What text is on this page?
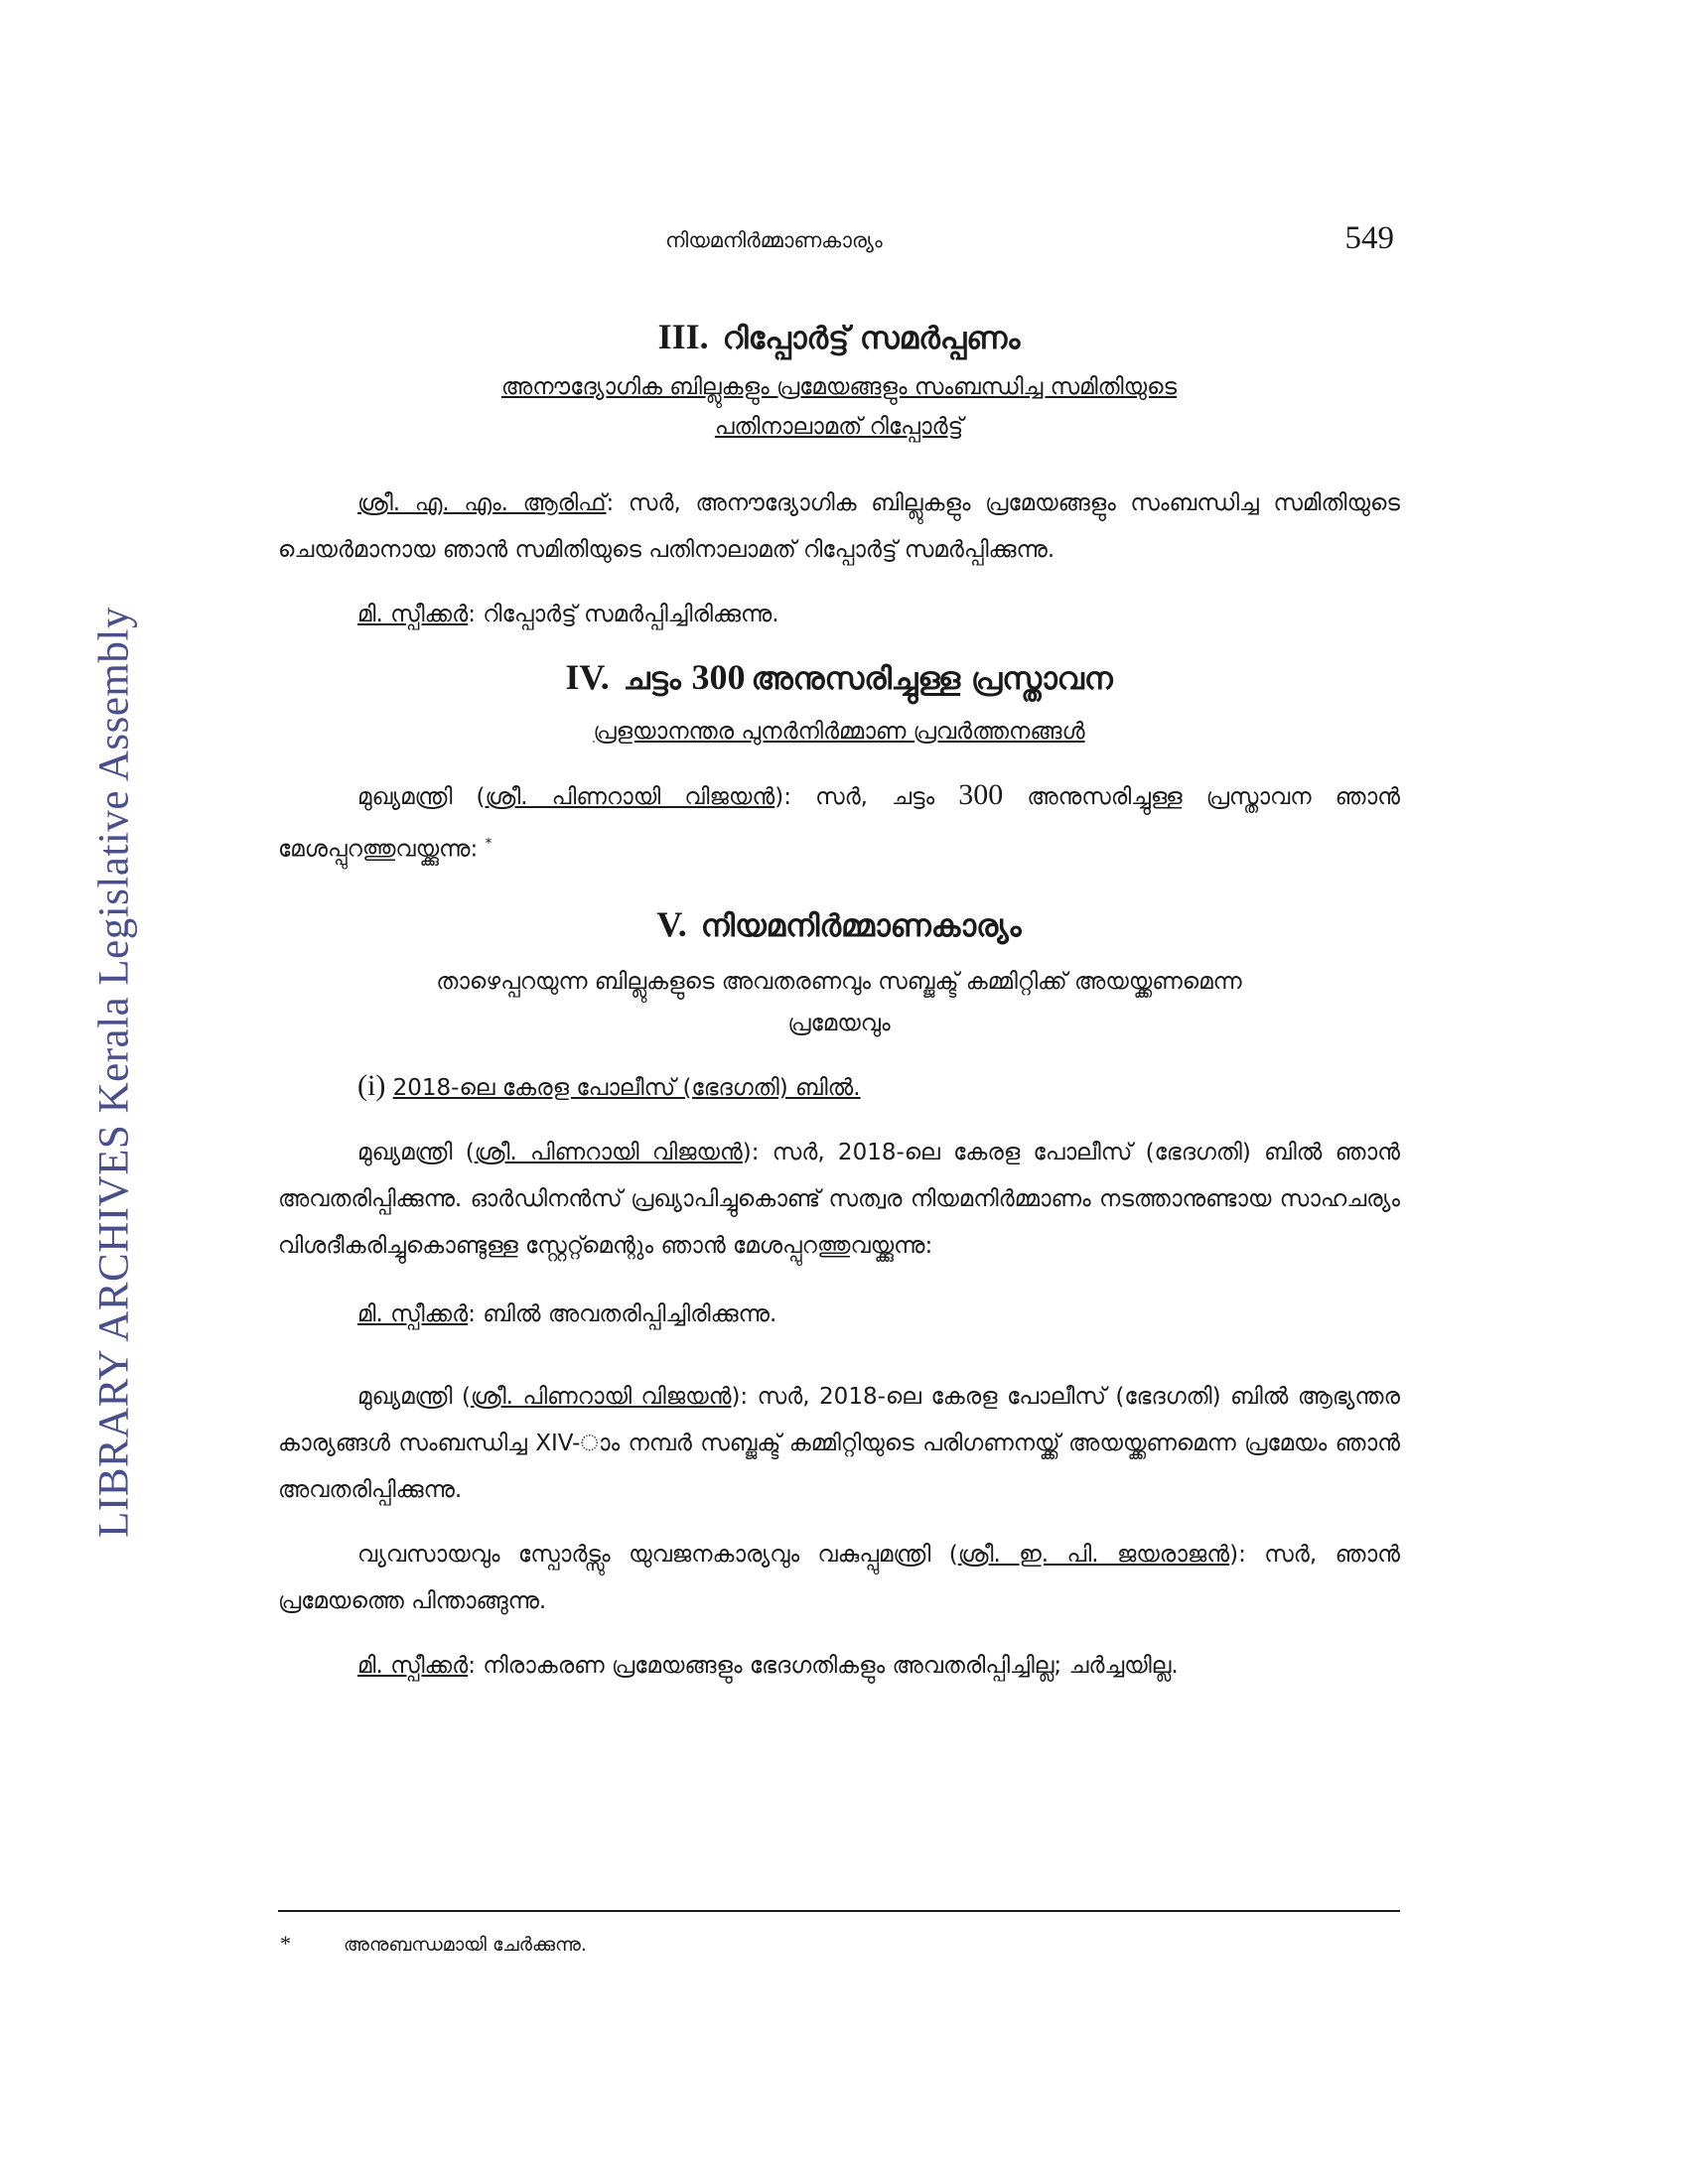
LIBRARY ARCHIVES Kerala Legislative Assembly
നിയമനിർമ്മാണകാര്യം	549
III. റിപ്പോർട്ട് സമർപ്പണം

അനൗദ്യോഗിക ബില്ലുകളും പ്രമേയങ്ങളും സംബന്ധിച്ച സമിതിയുടെ

പതിനാലാമത് റിപ്പോർട്ട്

ശ്രീ. എ. എം. ആരിഫ്: സർ, അനൗദ്യോഗിക ബില്ലുകളും പ്രമേയങ്ങളും സംബന്ധിച്ച സമിതിയുടെ ചെയർമാനായ ഞാൻ സമിതിയുടെ പതിനാലാമത് റിപ്പോർട്ട് സമർപ്പിക്കുന്നു.

മി. സ്പീക്കർ: റിപ്പോർട്ട് സമർപ്പിച്ചിരിക്കുന്നു.

IV. ചട്ടം 300 അനുസരിച്ചുള്ള പ്രസ്താവന

പ്രളയാനന്തര പുനർനിർമ്മാണ പ്രവർത്തനങ്ങൾ

മുഖ്യമന്ത്രി (ശ്രീ. പിണറായി വിജയൻ): സർ, ചട്ടം 300 അനുസരിച്ചുള്ള പ്രസ്താവന ഞാൻ മേശപ്പുറത്തുവയ്ക്കുന്നു: *

V. നിയമനിർമ്മാണകാര്യം

താഴെപ്പറയുന്ന ബില്ലുകളുടെ അവതരണവും സബ്ജക്ട് കമ്മിറ്റിക്ക് അയയ്ക്കണമെന്ന

പ്രമേയവും

(i) 2018-ലെ കേരള പോലീസ് (ഭേദഗതി) ബിൽ.

മുഖ്യമന്ത്രി (ശ്രീ. പിണറായി വിജയൻ): സർ, 2018-ലെ കേരള പോലീസ് (ഭേദഗതി) ബിൽ ഞാൻ അവതരിപ്പിക്കുന്നു. ഓർഡിനൻസ് പ്രഖ്യാപിച്ചുകൊണ്ട് സത്വര നിയമനിർമ്മാണം നടത്താനുണ്ടായ സാഹചര്യം വിശദീകരിച്ചുകൊണ്ടുള്ള സ്റ്റേറ്റ്മെന്റും ഞാൻ മേശപ്പുറത്തുവയ്ക്കുന്നു:

മി. സ്പീക്കർ: ബിൽ അവതരിപ്പിച്ചിരിക്കുന്നു.

മുഖ്യമന്ത്രി (ശ്രീ. പിണറായി വിജയൻ): സർ, 2018-ലെ കേരള പോലീസ് (ഭേദഗതി) ബിൽ ആഭ്യന്തര കാര്യങ്ങൾ സംബന്ധിച്ച XIV-ാം നമ്പർ സബ്ജക്ട് കമ്മിറ്റിയുടെ പരിഗണനയ്ക്ക് അയയ്ക്കണമെന്ന പ്രമേയം ഞാൻ അവതരിപ്പിക്കുന്നു.

വ്യവസായവും സ്പോർട്സും യുവജനകാര്യവും വകുപ്പുമന്ത്രി (ശ്രീ. ഇ. പി. ജയരാജൻ): സർ, ഞാൻ പ്രമേയത്തെ പിന്താങ്ങുന്നു.

മി. സ്പീക്കർ: നിരാകരണ പ്രമേയങ്ങളും ഭേദഗതികളും അവതരിപ്പിച്ചില്ല; ചർച്ചയില്ല.

*	അനുബന്ധമായി ചേർക്കുന്നു.
